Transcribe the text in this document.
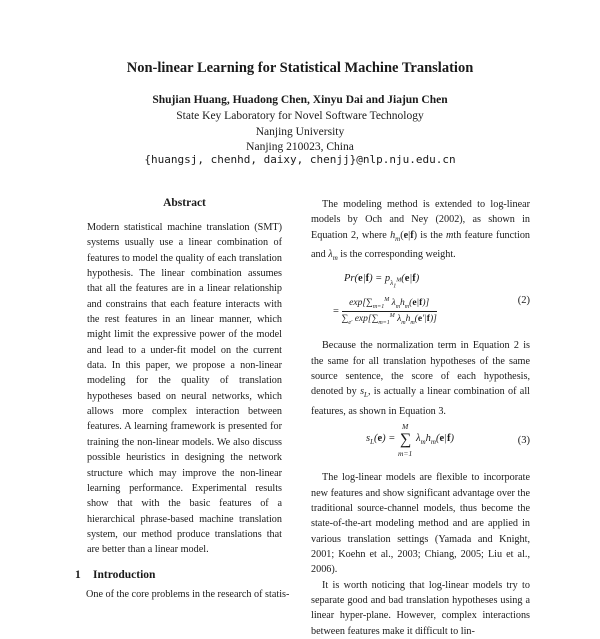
Non-linear Learning for Statistical Machine Translation
Shujian Huang, Huadong Chen, Xinyu Dai and Jiajun Chen
State Key Laboratory for Novel Software Technology
Nanjing University
Nanjing 210023, China
{huangsj, chenhd, daixy, chenjj}@nlp.nju.edu.cn
Abstract

Modern statistical machine translation (SMT) systems usually use a linear combination of features to model the quality of each translation hypothesis. The linear combination assumes that all the features are in a linear relationship and constrains that each feature interacts with the rest features in an linear manner, which might limit the expressive power of the model and lead to a under-fit model on the current data. In this paper, we propose a non-linear modeling for the quality of translation hypotheses based on neural networks, which allows more complex interaction between features. A learning framework is presented for training the non-linear models. We also discuss possible heuristics in designing the network structure which may improve the non-linear learning performance. Experimental results show that with the basic features of a hierarchical phrase-based machine translation system, our method produce translations that are better than a linear model.

1 Introduction

One of the core problems in the research of statis-

The modeling method is extended to log-linear models by Och and Ney (2002), as shown in Equation 2, where $h_m(e|f)$ is the mth feature function and $\lambda_m$ is the corresponding weight.

$Pr(e|f) = p_{\lambda_1^M}(e|f)$
= $\frac{\exp[\sum_{m=1}^M \lambda_mh_m(e|f)]}{\sum_{e'} \exp[\sum_{m=1}^M \lambda_mh_m(e'|f)]}$	(2)

Because the normalization term in Equation 2 is the same for all translation hypotheses of the same source sentence, the score of each hypothesis, denoted by $s_L$, is actually a linear combination of all features, as shown in Equation 3.

$s_L(e)$ = ∑
M
m=1
$\lambda_mh_m(e|f)$	(3)

The log-linear models are flexible to incorporate new features and show significant advantage over the traditional source-channel models, thus become the state-of-the-art modeling method and are applied in various translation settings (Yamada and Knight, 2001; Koehn et al., 2003; Chiang, 2005; Liu et al., 2006).

It is worth noticing that log-linear models try to separate good and bad translation hypotheses using a linear hyper-plane. However, complex interactions between features make it difficult to lin-
